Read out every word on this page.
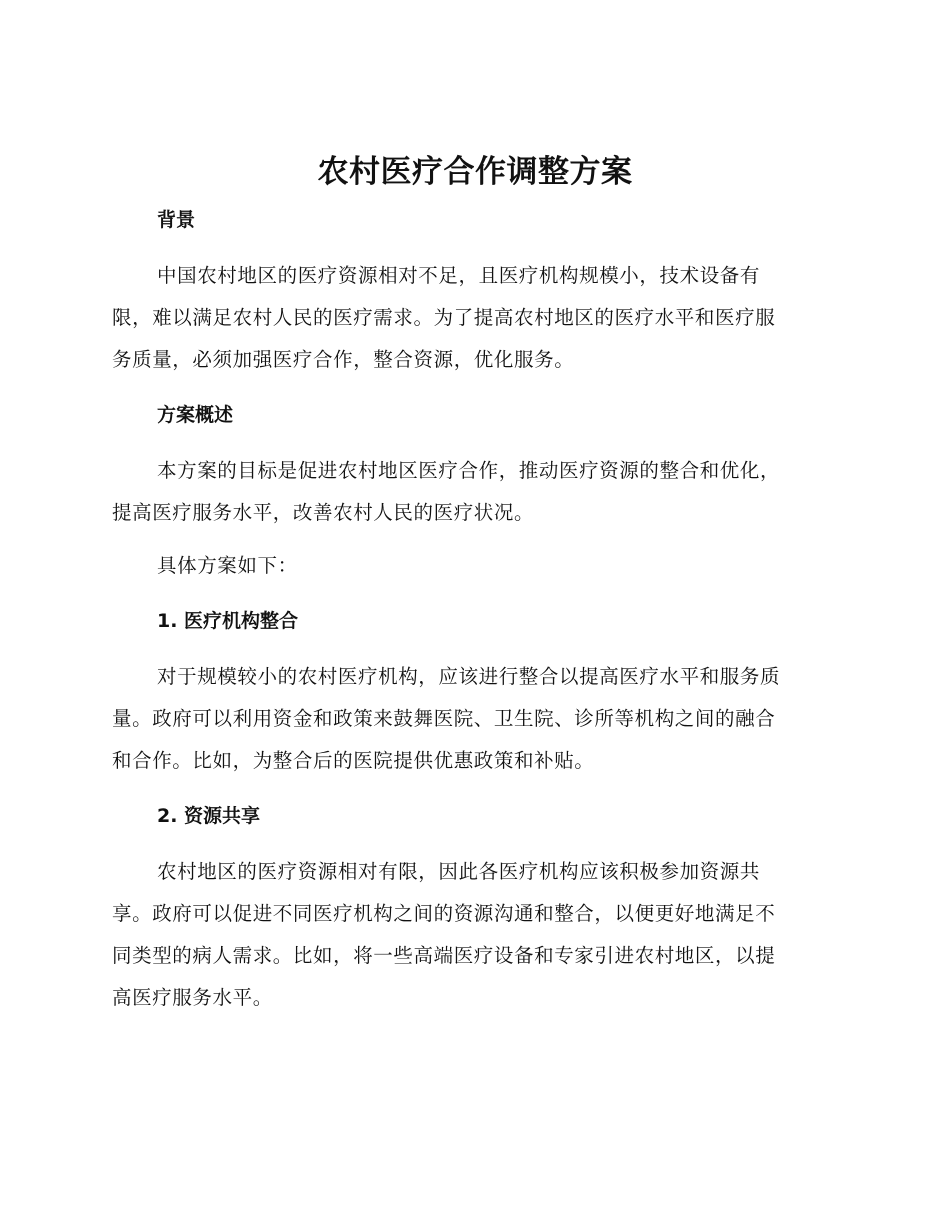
农村医疗合作调整方案
背景

中国农村地区的医疗资源相对不足，且医疗机构规模小，技术设备有
限，难以满足农村人民的医疗需求。为了提高农村地区的医疗水平和医疗服
务质量，必须加强医疗合作，整合资源，优化服务。

方案概述

本方案的目标是促进农村地区医疗合作，推动医疗资源的整合和优化，
提高医疗服务水平，改善农村人民的医疗状况。

具体方案如下：

1. 医疗机构整合

对于规模较小的农村医疗机构，应该进行整合以提高医疗水平和服务质
量。政府可以利用资金和政策来鼓舞医院、卫生院、诊所等机构之间的融合
和合作。比如，为整合后的医院提供优惠政策和补贴。

2. 资源共享

农村地区的医疗资源相对有限，因此各医疗机构应该积极参加资源共
享。政府可以促进不同医疗机构之间的资源沟通和整合，以便更好地满足不
同类型的病人需求。比如，将一些高端医疗设备和专家引进农村地区，以提
高医疗服务水平。
